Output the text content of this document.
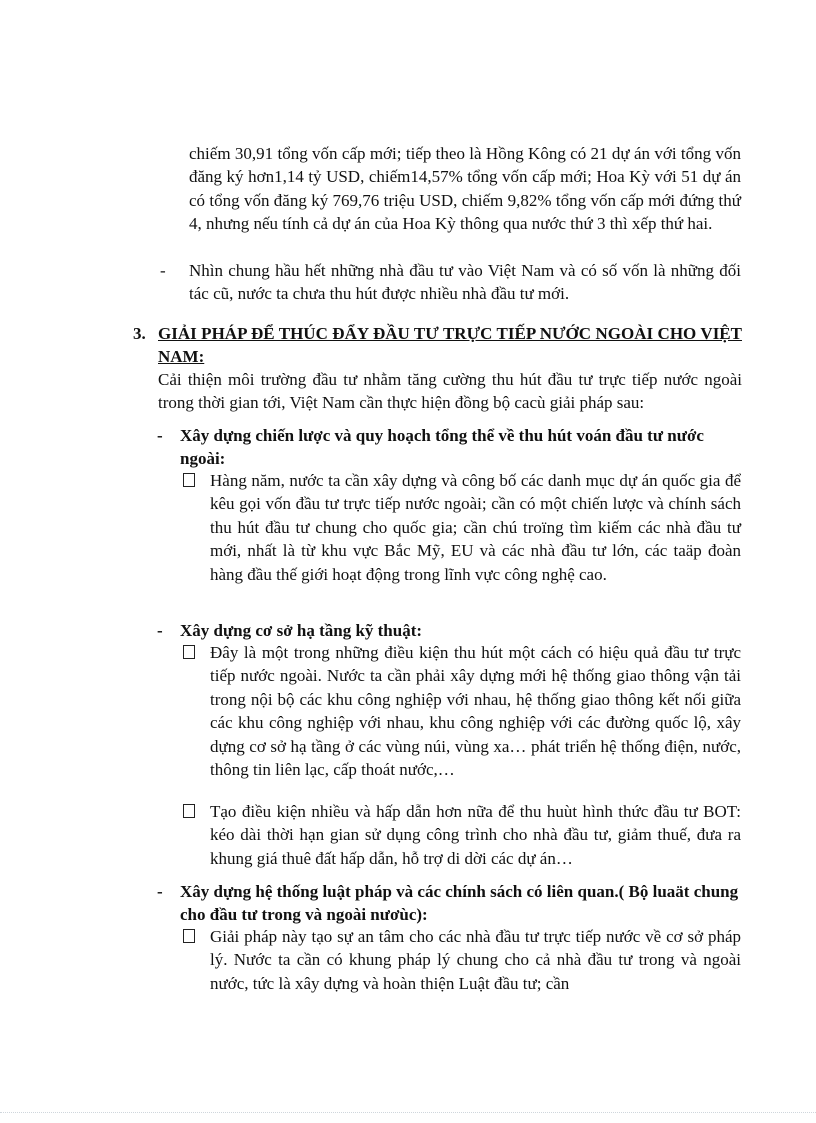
chiếm 30,91 tổng vốn cấp mới; tiếp theo là Hồng Kông có 21 dự án với tổng vốn đăng ký hơn1,14 tỷ USD, chiếm14,57% tổng vốn cấp mới; Hoa Kỳ với 51 dự án có tổng vốn đăng ký 769,76 triệu USD, chiếm 9,82% tổng vốn cấp mới đứng thứ 4, nhưng nếu tính cả dự án của Hoa Kỳ thông qua nước thứ 3 thì xếp thứ hai.

- Nhìn chung hầu hết những nhà đầu tư vào Việt Nam và có số vốn là những đối tác cũ, nước ta chưa thu hút được nhiều nhà đầu tư mới.

3. GIẢI PHÁP ĐỂ THÚC ĐẨY ĐẦU TƯ TRỰC TIẾP NƯỚC NGOÀI CHO VIỆT NAM:

Cải thiện môi trường đầu tư nhằm tăng cường thu hút đầu tư trực tiếp nước ngoài trong thời gian tới, Việt Nam cần thực hiện đồng bộ cacù giải pháp sau:

- Xây dựng chiến lược và quy hoạch tổng thể về thu hút voán đầu tư nước ngoài:

Hàng năm, nước ta cần xây dựng và công bố các danh mục dự án quốc gia để kêu gọi vốn đầu tư trực tiếp nước ngoài; cần có một chiến lược và chính sách thu hút đầu tư chung cho quốc gia; cần chú troïng tìm kiếm các nhà đầu tư mới, nhất là từ khu vực Bắc Mỹ, EU và các nhà đầu tư lớn, các taäp đoàn hàng đầu thế giới hoạt động trong lĩnh vực công nghệ cao.

- Xây dựng cơ sở hạ tầng kỹ thuật:

Đây là một trong những điều kiện thu hút một cách có hiệu quả đầu tư trực tiếp nước ngoài. Nước ta cần phải xây dựng mới hệ thống giao thông vận tải trong nội bộ các khu công nghiệp với nhau, hệ thống giao thông kết nối giữa các khu công nghiệp với nhau, khu công nghiệp với các đường quốc lộ, xây dựng cơ sở hạ tầng ở các vùng núi, vùng xa… phát triển hệ thống điện, nước, thông tin liên lạc, cấp thoát nước,…

Tạo điều kiện nhiều và hấp dẫn hơn nữa để thu huùt hình thức đầu tư BOT: kéo dài thời hạn gian sử dụng công trình cho nhà đầu tư, giảm thuế, đưa ra khung giá thuê đất hấp dẫn, hỗ trợ di dời các dự án…

- Xây dựng hệ thống luật pháp và các chính sách có liên quan.( Bộ luaät chung cho đầu tư trong và ngoài nươùc):

Giải pháp này tạo sự an tâm cho các nhà đầu tư trực tiếp nước về cơ sở pháp lý. Nước ta cần có khung pháp lý chung cho cả nhà đầu tư trong và ngoài nước, tức là xây dựng và hoàn thiện Luật đầu tư; cần
